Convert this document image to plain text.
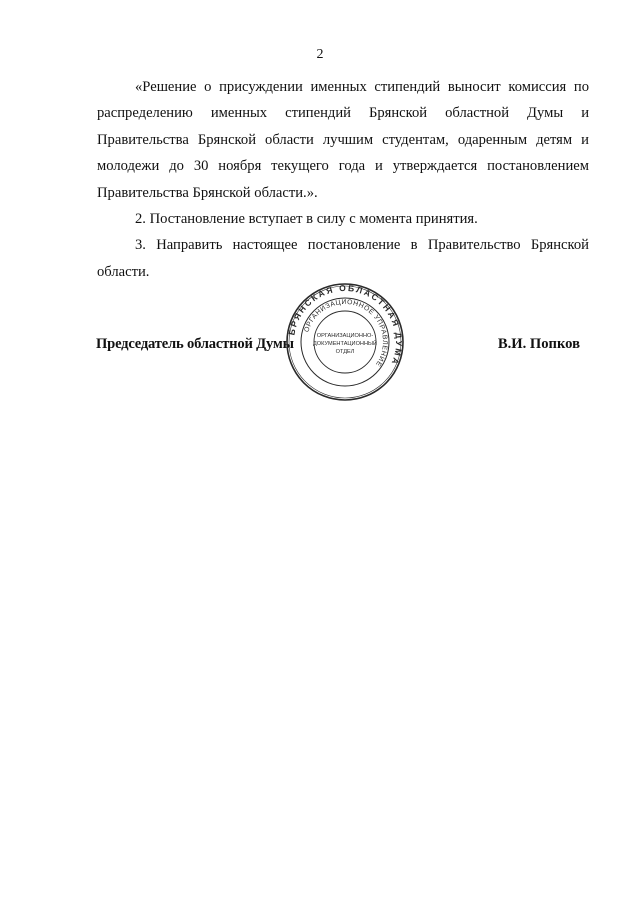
2

«Решение о присуждении именных стипендий выносит комиссия по распределению именных стипендий Брянской областной Думы и Правительства Брянской области лучшим студентам, одаренным детям и молодежи до 30 ноября текущего года и утверждается постановлением Правительства Брянской области.».

2. Постановление вступает в силу с момента принятия.

3. Направить настоящее постановление в Правительство Брянской области.

Председатель областной Думы	В.И. Попков
БРЯНСКАЯ ОБЛАСТНАЯ ДУМА
ОРГАНИЗАЦИОННОЕ УПРАВЛЕНИЕ
ОРГАНИЗАЦИОННО-
ДОКУМЕНТАЦИОННЫЙ
ОТДЕЛ
